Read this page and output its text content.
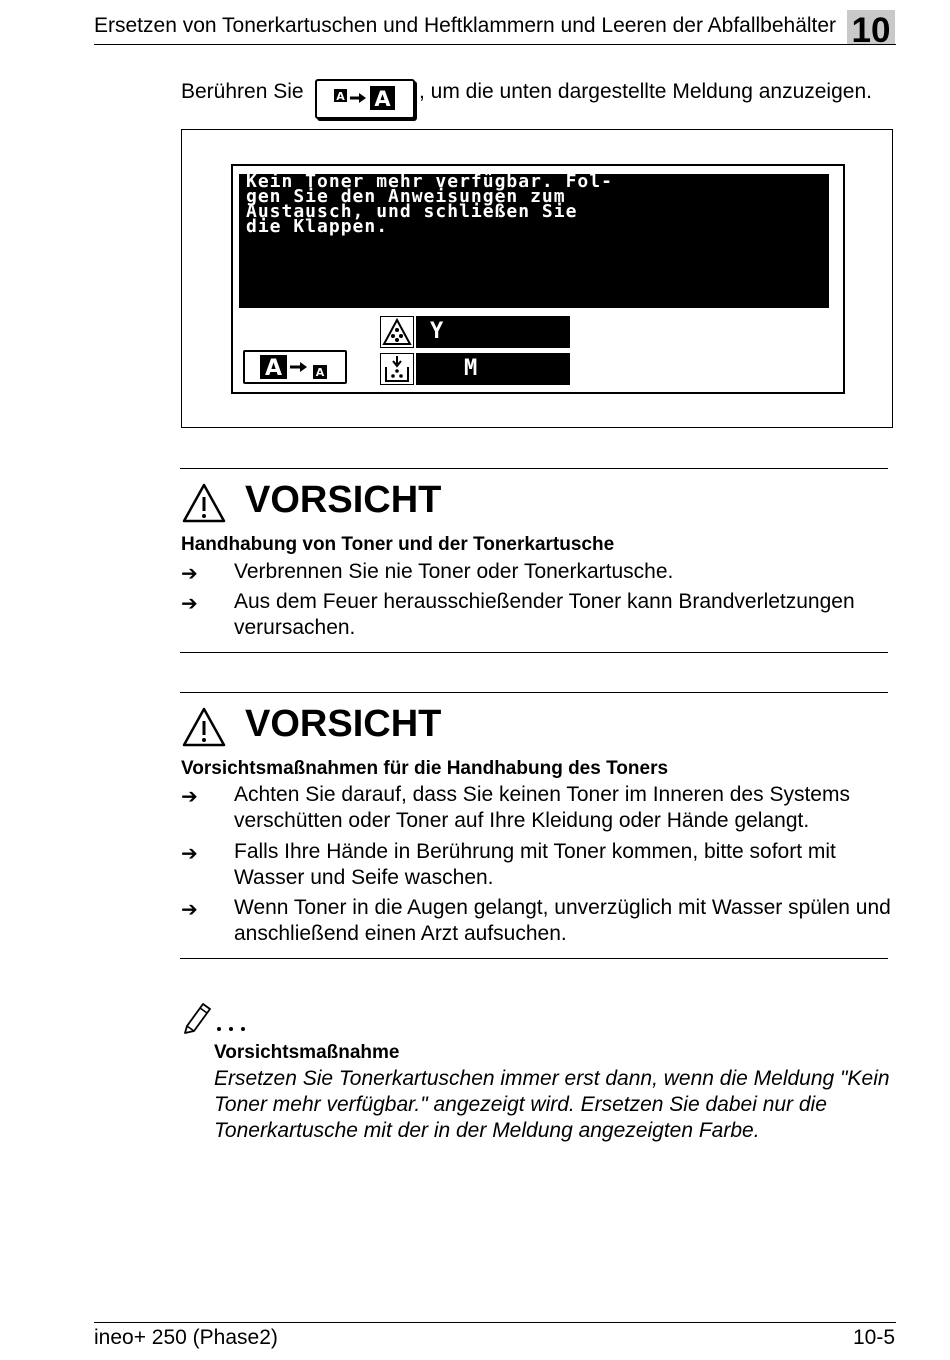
Ersetzen von Tonerkartuschen und Heftklammern und Leeren der Abfallbehälter 10
Berühren Sie	A A , um die unten dargestellte Meldung anzuzeigen.
Kein Toner mehr verfügbar. Fol-
gen Sie den Anweisungen zum
Austausch, und schließen Sie
die Klappen.
A	A
Y
M
VORSICHT
Handhabung von Toner und der Tonerkartusche
➔ Verbrennen Sie nie Toner oder Tonerkartusche.
➔ Aus dem Feuer herausschießender Toner kann Brandverletzungen verursachen.
VORSICHT
Vorsichtsmaßnahmen für die Handhabung des Toners
➔ Achten Sie darauf, dass Sie keinen Toner im Inneren des Systems verschütten oder Toner auf Ihre Kleidung oder Hände gelangt.
➔ Falls Ihre Hände in Berührung mit Toner kommen, bitte sofort mit Wasser und Seife waschen.
➔ Wenn Toner in die Augen gelangt, unverzüglich mit Wasser spülen und anschließend einen Arzt aufsuchen.
Vorsichtsmaßnahme
Ersetzen Sie Tonerkartuschen immer erst dann, wenn die Meldung "Kein Toner mehr verfügbar." angezeigt wird. Ersetzen Sie dabei nur die Tonerkartusche mit der in der Meldung angezeigten Farbe.
ineo+ 250 (Phase2)	10-5
